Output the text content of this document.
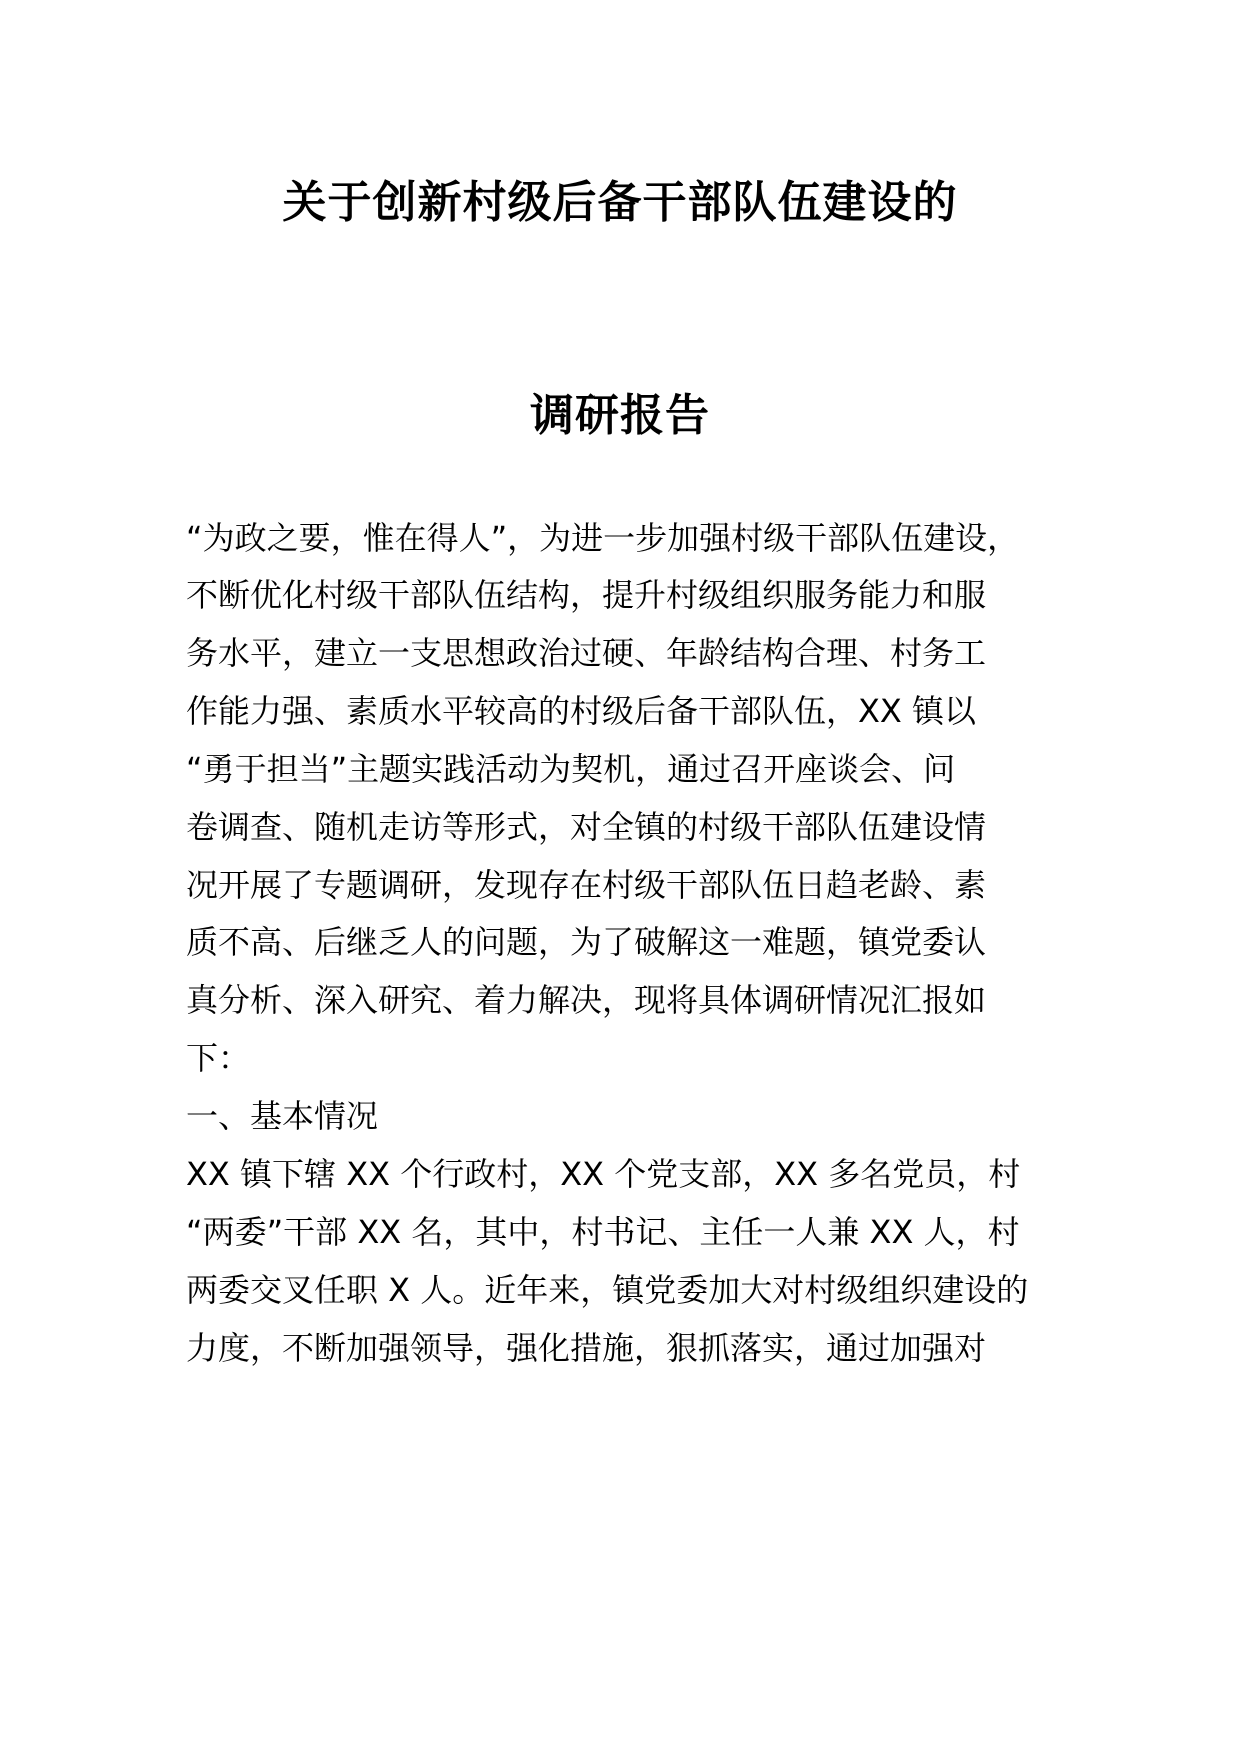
关于创新村级后备干部队伍建设的
调研报告
“为政之要，惟在得人”，为进一步加强村级干部队伍建设，
不断优化村级干部队伍结构，提升村级组织服务能力和服
务水平，建立一支思想政治过硬、年龄结构合理、村务工
作能力强、素质水平较高的村级后备干部队伍，XX 镇以
“勇于担当”主题实践活动为契机，通过召开座谈会、问
卷调查、随机走访等形式，对全镇的村级干部队伍建设情
况开展了专题调研，发现存在村级干部队伍日趋老龄、素
质不高、后继乏人的问题，为了破解这一难题，镇党委认
真分析、深入研究、着力解决，现将具体调研情况汇报如
下：
一、基本情况
XX 镇下辖 XX 个行政村，XX 个党支部，XX 多名党员，村
“两委”干部 XX 名，其中，村书记、主任一人兼 XX 人，村
两委交叉任职 X 人。近年来，镇党委加大对村级组织建设的
力度，不断加强领导，强化措施，狠抓落实，通过加强对
